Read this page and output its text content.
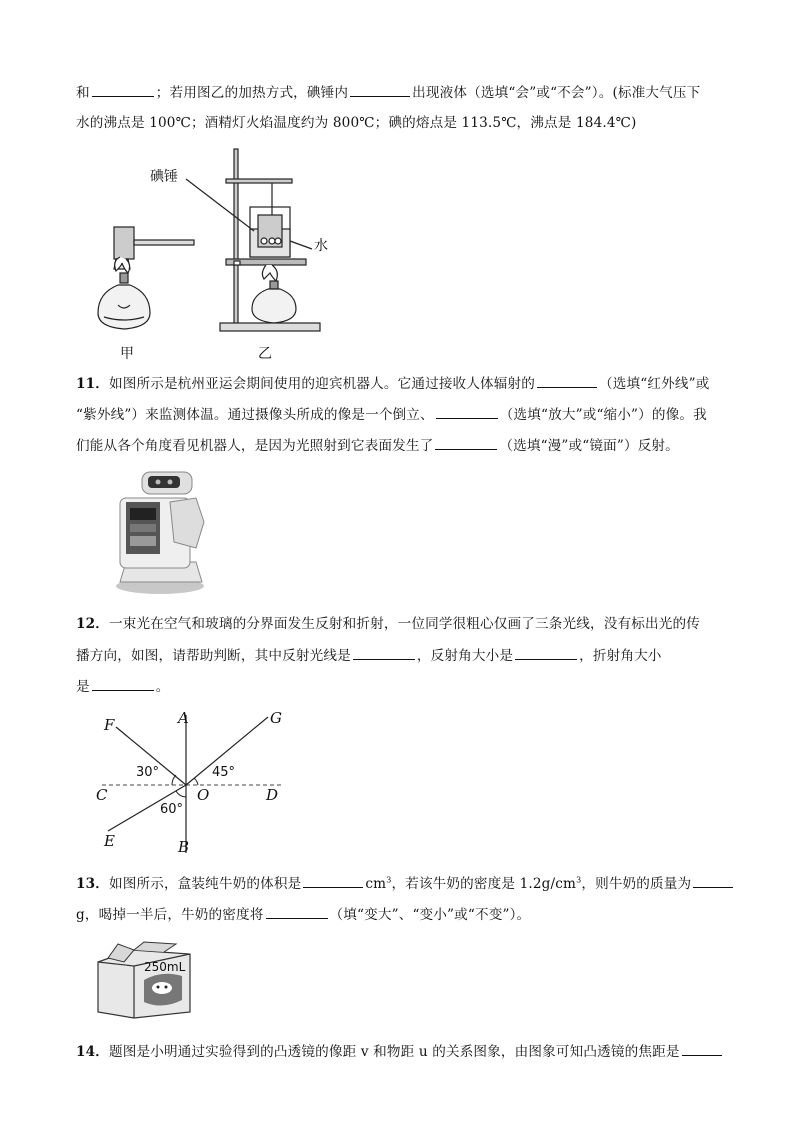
和	；若用图乙的加热方式，碘锤内	出现液体（选填“会”或“不会”）。(标准大气压下
水的沸点是 100℃；酒精灯火焰温度约为 800℃；碘的熔点是 113.5℃，沸点是 184.4℃)
碘锤
水
甲	乙
11．如图所示是杭州亚运会期间使用的迎宾机器人。它通过接收人体辐射的	（选填“红外线”或
“紫外线”）来监测体温。通过摄像头所成的像是一个倒立、	（选填“放大”或“缩小”）的像。我
们能从各个角度看见机器人，是因为光照射到它表面发生了	（选填“漫”或“镜面”）反射。
12．一束光在空气和玻璃的分界面发生反射和折射，一位同学很粗心仅画了三条光线，没有标出光的传
播方向，如图，请帮助判断，其中反射光线是	，反射角大小是	，折射角大小
是	。
F	A	G
30°	45°
C	O	D
60°
E	B
13．如图所示，盒装纯牛奶的体积是	$cm^3$，若该牛奶的密度是 $1.2g/cm^3$，则牛奶的质量为
g，喝掉一半后，牛奶的密度将	（填“变大”、“变小”或“不变”）。
250mL
14．题图是小明通过实验得到的凸透镜的像距 v 和物距 u 的关系图象，由图象可知凸透镜的焦距是
